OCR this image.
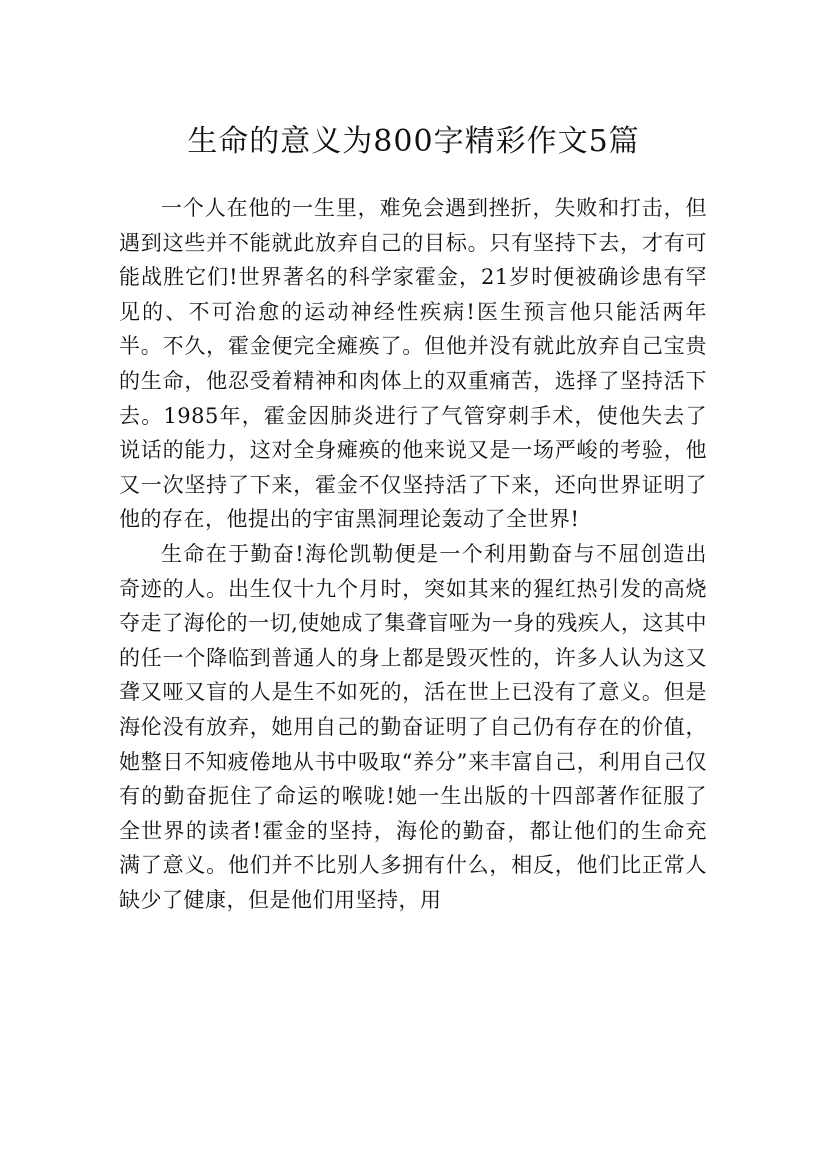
生命的意义为800字精彩作文5篇

一个人在他的一生里，难免会遇到挫折，失败和打击，但遇到这些并不能就此放弃自己的目标。只有坚持下去，才有可能战胜它们!世界著名的科学家霍金，21岁时便被确诊患有罕见的、不可治愈的运动神经性疾病!医生预言他只能活两年半。不久，霍金便完全瘫痪了。但他并没有就此放弃自己宝贵的生命，他忍受着精神和肉体上的双重痛苦，选择了坚持活下去。1985年，霍金因肺炎进行了气管穿刺手术，使他失去了说话的能力，这对全身瘫痪的他来说又是一场严峻的考验，他又一次坚持了下来，霍金不仅坚持活了下来，还向世界证明了他的存在，他提出的宇宙黑洞理论轰动了全世界!

生命在于勤奋!海伦凯勒便是一个利用勤奋与不屈创造出奇迹的人。出生仅十九个月时，突如其来的猩红热引发的高烧夺走了海伦的一切,使她成了集聋盲哑为一身的残疾人，这其中的任一个降临到普通人的身上都是毁灭性的，许多人认为这又聋又哑又盲的人是生不如死的，活在世上已没有了意义。但是海伦没有放弃，她用自己的勤奋证明了自己仍有存在的价值，她整日不知疲倦地从书中吸取“养分”来丰富自己，利用自己仅有的勤奋扼住了命运的喉咙!她一生出版的十四部著作征服了全世界的读者!霍金的坚持，海伦的勤奋，都让他们的生命充满了意义。他们并不比别人多拥有什么，相反，他们比正常人缺少了健康，但是他们用坚持，用
